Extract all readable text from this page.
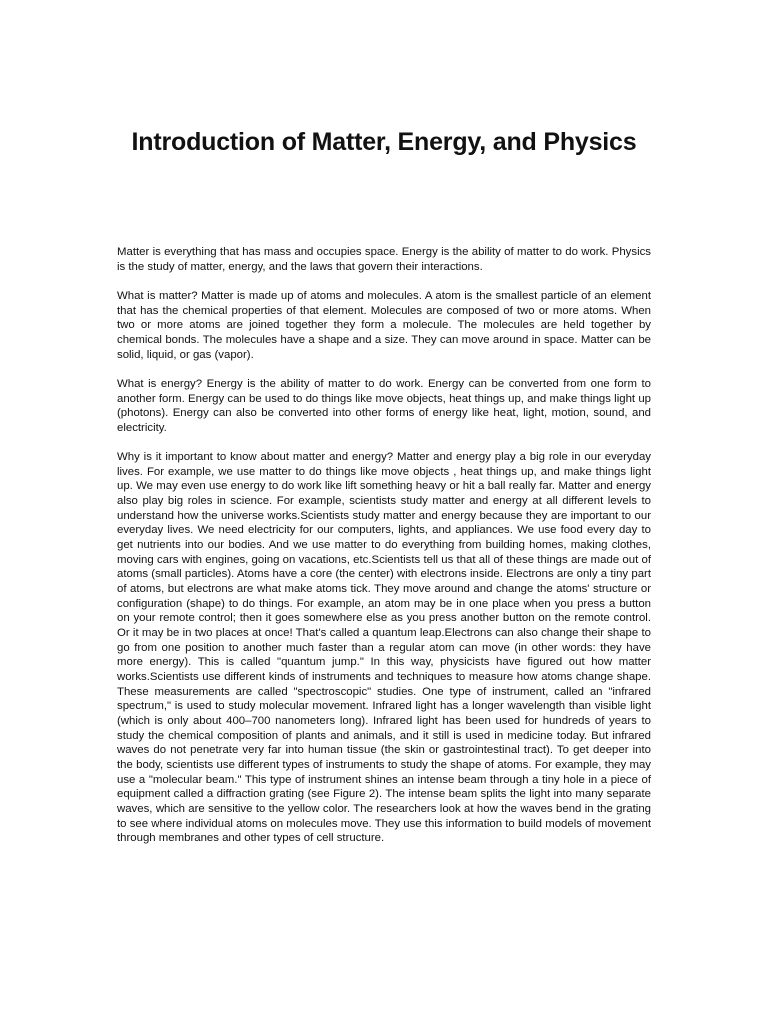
Introduction of Matter, Energy, and Physics

Matter is everything that has mass and occupies space. Energy is the ability of matter to do work. Physics is the study of matter, energy, and the laws that govern their interactions.

What is matter? Matter is made up of atoms and molecules. A atom is the smallest particle of an element that has the chemical properties of that element. Molecules are composed of two or more atoms. When two or more atoms are joined together they form a molecule. The molecules are held together by chemical bonds. The molecules have a shape and a size. They can move around in space. Matter can be solid, liquid, or gas (vapor).

What is energy? Energy is the ability of matter to do work. Energy can be converted from one form to another form. Energy can be used to do things like move objects, heat things up, and make things light up (photons). Energy can also be converted into other forms of energy like heat, light, motion, sound, and electricity.

Why is it important to know about matter and energy? Matter and energy play a big role in our everyday lives. For example, we use matter to do things like move objects , heat things up, and make things light up. We may even use energy to do work like lift something heavy or hit a ball really far. Matter and energy also play big roles in science. For example, scientists study matter and energy at all different levels to understand how the universe works.Scientists study matter and energy because they are important to our everyday lives. We need electricity for our computers, lights, and appliances. We use food every day to get nutrients into our bodies. And we use matter to do everything from building homes, making clothes, moving cars with engines, going on vacations, etc.Scientists tell us that all of these things are made out of atoms (small particles). Atoms have a core (the center) with electrons inside. Electrons are only a tiny part of atoms, but electrons are what make atoms tick. They move around and change the atoms' structure or configuration (shape) to do things. For example, an atom may be in one place when you press a button on your remote control; then it goes somewhere else as you press another button on the remote control. Or it may be in two places at once! That's called a quantum leap.Electrons can also change their shape to go from one position to another much faster than a regular atom can move (in other words: they have more energy). This is called "quantum jump." In this way, physicists have figured out how matter works.Scientists use different kinds of instruments and techniques to measure how atoms change shape. These measurements are called "spectroscopic" studies. One type of instrument, called an "infrared spectrum," is used to study molecular movement. Infrared light has a longer wavelength than visible light (which is only about 400–700 nanometers long). Infrared light has been used for hundreds of years to study the chemical composition of plants and animals, and it still is used in medicine today. But infrared waves do not penetrate very far into human tissue (the skin or gastrointestinal tract). To get deeper into the body, scientists use different types of instruments to study the shape of atoms. For example, they may use a "molecular beam." This type of instrument shines an intense beam through a tiny hole in a piece of equipment called a diffraction grating (see Figure 2). The intense beam splits the light into many separate waves, which are sensitive to the yellow color. The researchers look at how the waves bend in the grating to see where individual atoms on molecules move. They use this information to build models of movement through membranes and other types of cell structure.
